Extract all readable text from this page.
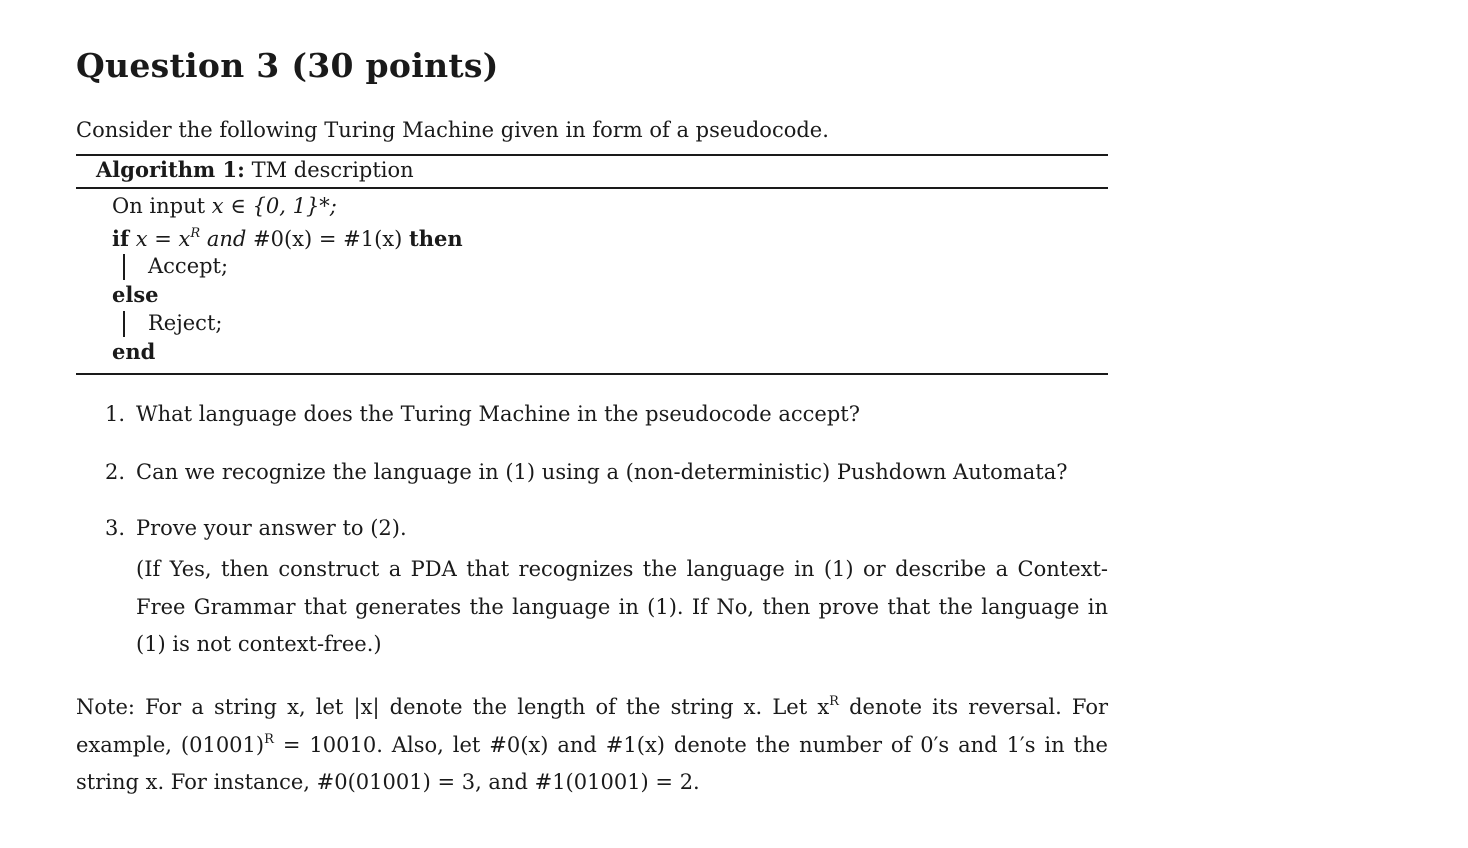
Question 3 (30 points)
Consider the following Turing Machine given in form of a pseudocode.
Algorithm 1: TM description
On input x ∈ {0, 1}*;
if $x = x^R$ and #0(x) = #1(x) then
Accept;
else
Reject;
end
1. What language does the Turing Machine in the pseudocode accept?
2. Can we recognize the language in (1) using a (non-deterministic) Pushdown Automata?
3. Prove your answer to (2).
(If Yes, then construct a PDA that recognizes the language in (1) or describe a Context-Free Grammar that generates the language in (1). If No, then prove that the language in (1) is not context-free.)
Note: For a string x, let |x| denote the length of the string x. Let $x^R$ denote its reversal. For example, $(01001)^R = 10010$. Also, let #0(x) and #1(x) denote the number of 0′s and 1′s in the string x. For instance, #0(01001) = 3, and #1(01001) = 2.
